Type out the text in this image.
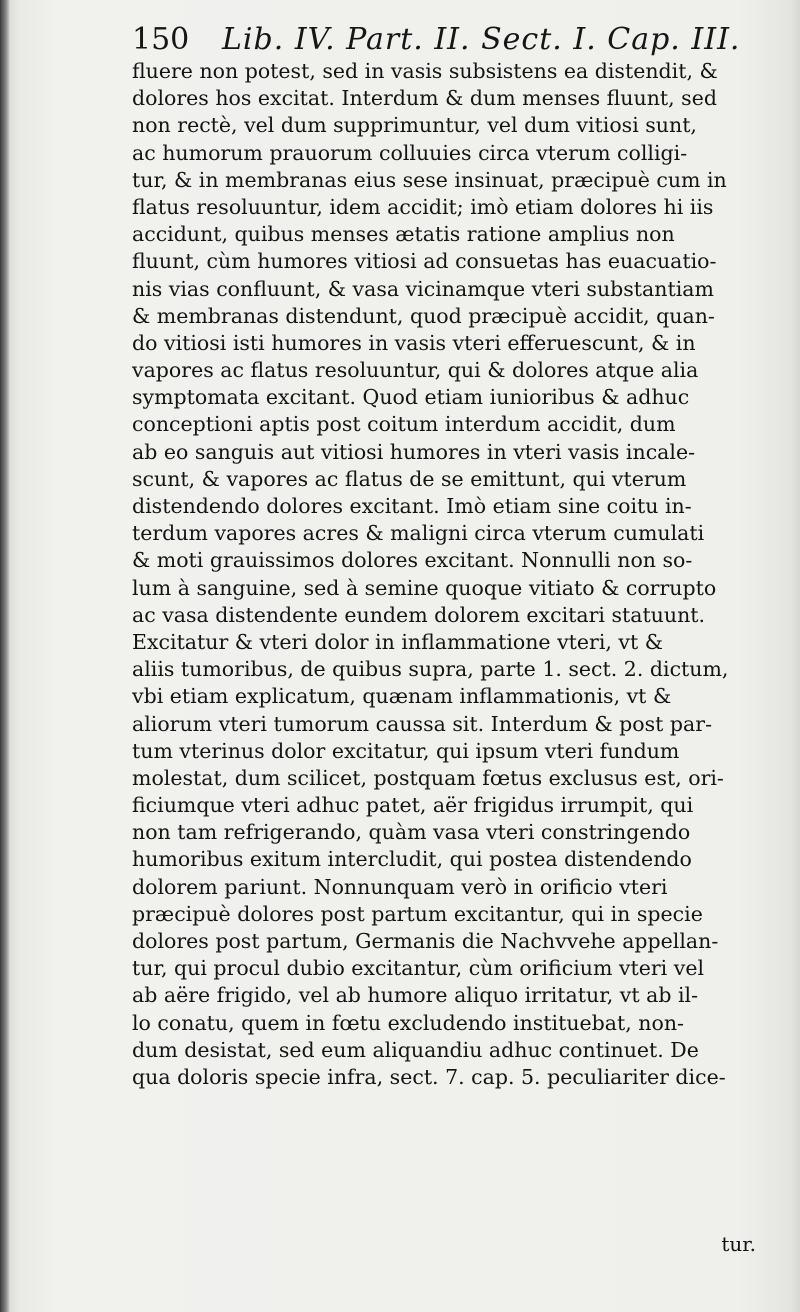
150 Lib. IV. Part. II. Sect. I. Cap. III.
fluere non potest, sed in vasis subsistens ea distendit, &
dolores hos excitat. Interdum & dum menses fluunt, sed
non rectè, vel dum supprimuntur, vel dum vitiosi sunt,
ac humorum prauorum colluuies circa vterum colligi-
tur, & in membranas eius sese insinuat, præcipuè cum in
flatus resoluuntur, idem accidit; imò etiam dolores hi iis
accidunt, quibus menses ætatis ratione amplius non
fluunt, cùm humores vitiosi ad consuetas has euacuatio-
nis vias confluunt, & vasa vicinamque vteri substantiam
& membranas distendunt, quod præcipuè accidit, quan-
do vitiosi isti humores in vasis vteri efferuescunt, & in
vapores ac flatus resoluuntur, qui & dolores atque alia
symptomata excitant. Quod etiam iunioribus & adhuc
conceptioni aptis post coitum interdum accidit, dum
ab eo sanguis aut vitiosi humores in vteri vasis incale-
scunt, & vapores ac flatus de se emittunt, qui vterum
distendendo dolores excitant. Imò etiam sine coitu in-
terdum vapores acres & maligni circa vterum cumulati
& moti grauissimos dolores excitant. Nonnulli non so-
lum à sanguine, sed à semine quoque vitiato & corrupto
ac vasa distendente eundem dolorem excitari statuunt.
Excitatur & vteri dolor in inflammatione vteri, vt &
aliis tumoribus, de quibus supra, parte 1. sect. 2. dictum,
vbi etiam explicatum, quænam inflammationis, vt &
aliorum vteri tumorum caussa sit. Interdum & post par-
tum vterinus dolor excitatur, qui ipsum vteri fundum
molestat, dum scilicet, postquam fœtus exclusus est, ori-
ficiumque vteri adhuc patet, aër frigidus irrumpit, qui
non tam refrigerando, quàm vasa vteri constringendo
humoribus exitum intercludit, qui postea distendendo
dolorem pariunt. Nonnunquam verò in orificio vteri
præcipuè dolores post partum excitantur, qui in specie
dolores post partum, Germanis die Nachvvehe appellan-
tur, qui procul dubio excitantur, cùm orificium vteri vel
ab aëre frigido, vel ab humore aliquo irritatur, vt ab il-
lo conatu, quem in fœtu excludendo instituebat, non-
dum desistat, sed eum aliquandiu adhuc continuet. De
qua doloris specie infra, sect. 7. cap. 5. peculiariter dice-
tur.
